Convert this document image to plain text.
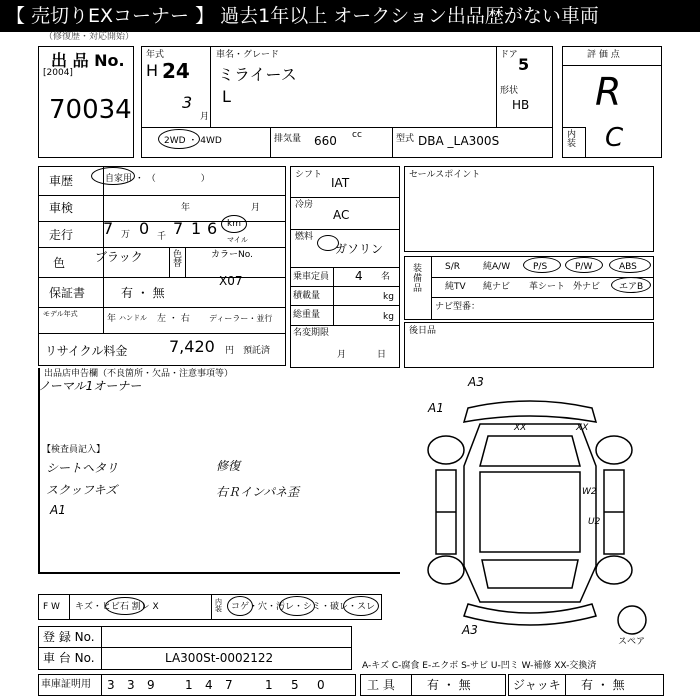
【 売切りEXコーナー 】 過去1年以上 オークション出品歴がない車両
（修復歴・対応開始）
出 品 No.
[2004]
70034
年式
H 24
3
月
車名・グレード
ミライース
L
ドア 5
形状
HB
2WD ・ 4WD	排気量 660 cc	型式 DBA _LA300S
評 価 点
R
内装 C
車歴	自家用 ・ （　　　　　）
車検	年	月
走行 7 万 0 千 7 1 6 km
マイル
色 ブラック	色替
カラーNo.
X07
保証書	有 ・ 無
モデル年式	年 ハンドル 左 ・ 右 ディーラー・並行
リサイクル料金	7,420 円 預託済
出品店申告欄（不良箇所・欠品・注意事項等）
ノーマル1オーナー
【検査員記入】
シートヘタリ
スクッフキズ
A1
修復
右Ｒインパネ歪
シフト
IAT
冷房
AC
燃料
ガソリン
乗車定員 4 名
積載量	kg
総重量	kg
名変期限
月	日
セールスポイント
装備品
S/R	純A/W	P/S	P/W	ABS
純TV 純ナビ 革シート 外ナビ エアB
ナビ型番：
後日品
A3
A1
XX	XX
W2
U2
A3
スペア
F W キズ・ヒビ石 割レ X	内装	コゲ・穴・汚レ・シミ・破レ・スレ
登 録 No.
車 台 No.	LA300St-0002122
車庫証明用 3 3 9	1 4 7	1 5 0
A-キズ C-腐食 E-エクボ S-サビ U-凹ミ W-補修 XX-交換済
工 具	有 ・ 無	ジャッキ 有 ・ 無
